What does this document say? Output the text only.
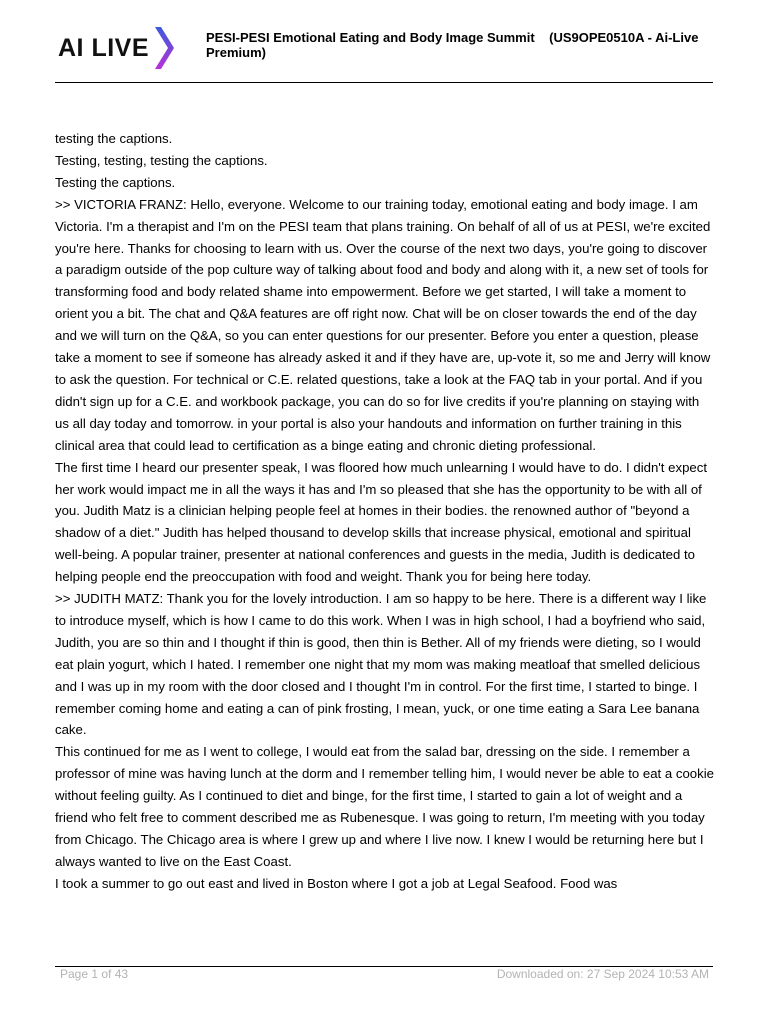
AI LIVE	PESI-PESI Emotional Eating and Body Image Summit    (US9OPE0510A - Ai-Live Premium)

testing the captions.

Testing, testing, testing the captions.

Testing the captions.

>> VICTORIA FRANZ: Hello, everyone. Welcome to our training today, emotional eating and body image. I am Victoria. I'm a therapist and I'm on the PESI team that plans training. On behalf of all of us at PESI, we're excited you're here. Thanks for choosing to learn with us. Over the course of the next two days, you're going to discover a paradigm outside of the pop culture way of talking about food and body and along with it, a new set of tools for transforming food and body related shame into empowerment. Before we get started, I will take a moment to orient you a bit. The chat and Q&A features are off right now. Chat will be on closer towards the end of the day and we will turn on the Q&A, so you can enter questions for our presenter. Before you enter a question, please take a moment to see if someone has already asked it and if they have are, up-vote it, so me and Jerry will know to ask the question. For technical or C.E. related questions, take a look at the FAQ tab in your portal. And if you didn't sign up for a C.E. and workbook package, you can do so for live credits if you're planning on staying with us all day today and tomorrow. in your portal is also your handouts and information on further training in this clinical area that could lead to certification as a binge eating and chronic dieting professional.

The first time I heard our presenter speak, I was floored how much unlearning I would have to do. I didn't expect her work would impact me in all the ways it has and I'm so pleased that she has the opportunity to be with all of you. Judith Matz is a clinician helping people feel at homes in their bodies. the renowned author of "beyond a shadow of a diet." Judith has helped thousand to develop skills that increase physical, emotional and spiritual well-being. A popular trainer, presenter at national conferences and guests in the media, Judith is dedicated to helping people end the preoccupation with food and weight. Thank you for being here today.

>> JUDITH MATZ: Thank you for the lovely introduction. I am so happy to be here. There is a different way I like to introduce myself, which is how I came to do this work. When I was in high school, I had a boyfriend who said, Judith, you are so thin and I thought if thin is good, then thin is Bether. All of my friends were dieting, so I would eat plain yogurt, which I hated. I remember one night that my mom was making meatloaf that smelled delicious and I was up in my room with the door closed and I thought I'm in control. For the first time, I started to binge. I remember coming home and eating a can of pink frosting, I mean, yuck, or one time eating a Sara Lee banana cake.

This continued for me as I went to college, I would eat from the salad bar, dressing on the side. I remember a professor of mine was having lunch at the dorm and I remember telling him, I would never be able to eat a cookie without feeling guilty. As I continued to diet and binge, for the first time, I started to gain a lot of weight and a friend who felt free to comment described me as Rubenesque. I was going to return, I'm meeting with you today from Chicago. The Chicago area is where I grew up and where I live now. I knew I would be returning here but I always wanted to live on the East Coast.

I took a summer to go out east and lived in Boston where I got a job at Legal Seafood. Food was

Page 1 of 43	Downloaded on: 27 Sep 2024 10:53 AM
